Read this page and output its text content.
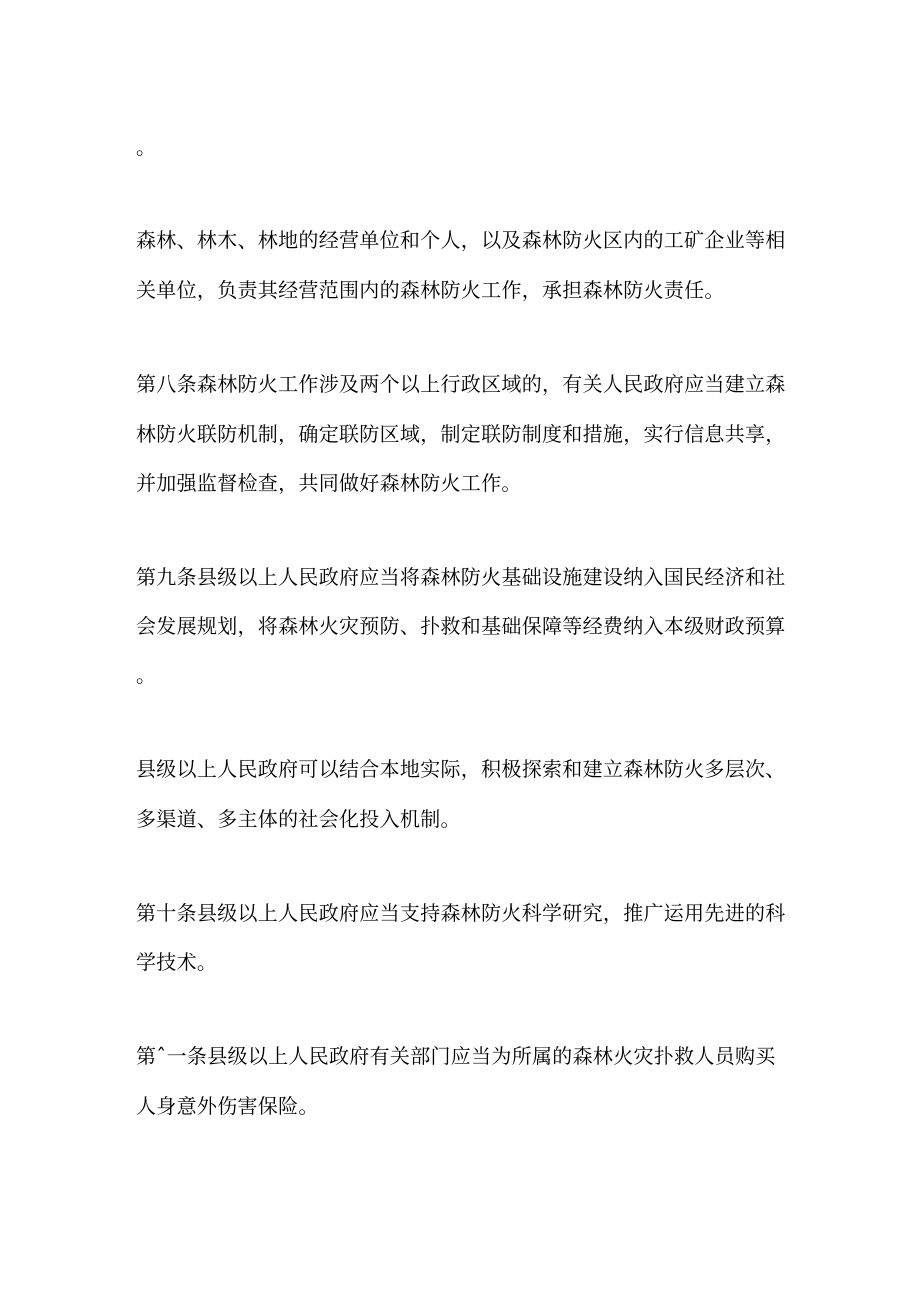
。
森林、林木、林地的经营单位和个人，以及森林防火区内的工矿企业等相
关单位，负责其经营范围内的森林防火工作，承担森林防火责任。
第八条森林防火工作涉及两个以上行政区域的，有关人民政府应当建立森
林防火联防机制，确定联防区域，制定联防制度和措施，实行信息共享，
并加强监督检查，共同做好森林防火工作。
第九条县级以上人民政府应当将森林防火基础设施建设纳入国民经济和社
会发展规划，将森林火灾预防、扑救和基础保障等经费纳入本级财政预算
。
县级以上人民政府可以结合本地实际，积极探索和建立森林防火多层次、
多渠道、多主体的社会化投入机制。
第十条县级以上人民政府应当支持森林防火科学研究，推广运用先进的科
学技术。
第ˆ一条县级以上人民政府有关部门应当为所属的森林火灾扑救人员购买
人身意外伤害保险。
